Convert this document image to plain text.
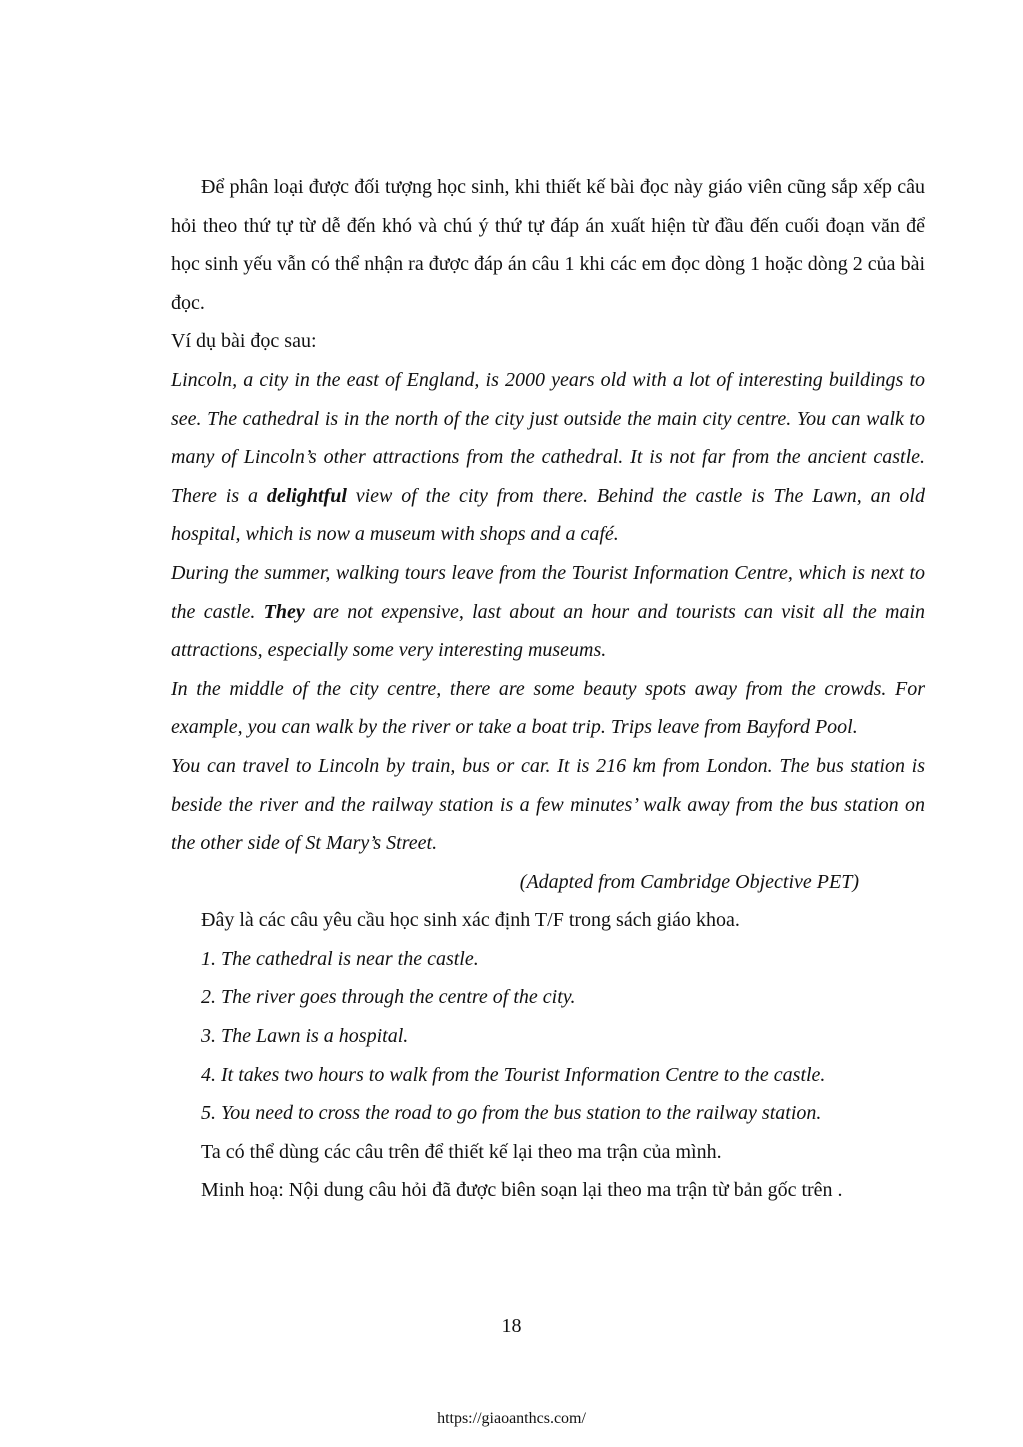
Để phân loại được đối tượng học sinh, khi thiết kế bài đọc này giáo viên cũng sắp xếp câu hỏi theo thứ tự từ dễ đến khó và chú ý thứ tự đáp án xuất hiện từ đầu đến cuối đoạn văn để học sinh yếu vẫn có thể nhận ra được đáp án câu 1 khi các em đọc dòng 1 hoặc dòng 2 của bài đọc.

Ví dụ bài đọc sau:

Lincoln, a city in the east of England, is 2000 years old with a lot of interesting buildings to see. The cathedral is in the north of the city just outside the main city centre. You can walk to many of Lincoln’s other attractions from the cathedral. It is not far from the ancient castle. There is a delightful view of the city from there. Behind the castle is The Lawn, an old hospital, which is now a museum with shops and a café.

During the summer, walking tours leave from the Tourist Information Centre, which is next to the castle. They are not expensive, last about an hour and tourists can visit all the main attractions, especially some very interesting museums.

In the middle of the city centre, there are some beauty spots away from the crowds. For example, you can walk by the river or take a boat trip. Trips leave from Bayford Pool.

You can travel to Lincoln by train, bus or car. It is 216 km from London. The bus station is beside the river and the railway station is a few minutes’ walk away from the bus station on the other side of St Mary’s Street.

(Adapted from Cambridge Objective PET)

Đây là các câu yêu cầu học sinh xác định T/F trong sách giáo khoa.

1. The cathedral is near the castle.

2. The river goes through the centre of the city.

3. The Lawn is a hospital.

4. It takes two hours to walk from the Tourist Information Centre to the castle.

5. You need to cross the road to go from the bus station to the railway station.

Ta có thể dùng các câu trên để thiết kế lại theo ma trận của mình.

Minh hoạ: Nội dung câu hỏi đã được biên soạn lại theo ma trận từ bản gốc trên .

18
https://giaoanthcs.com/
